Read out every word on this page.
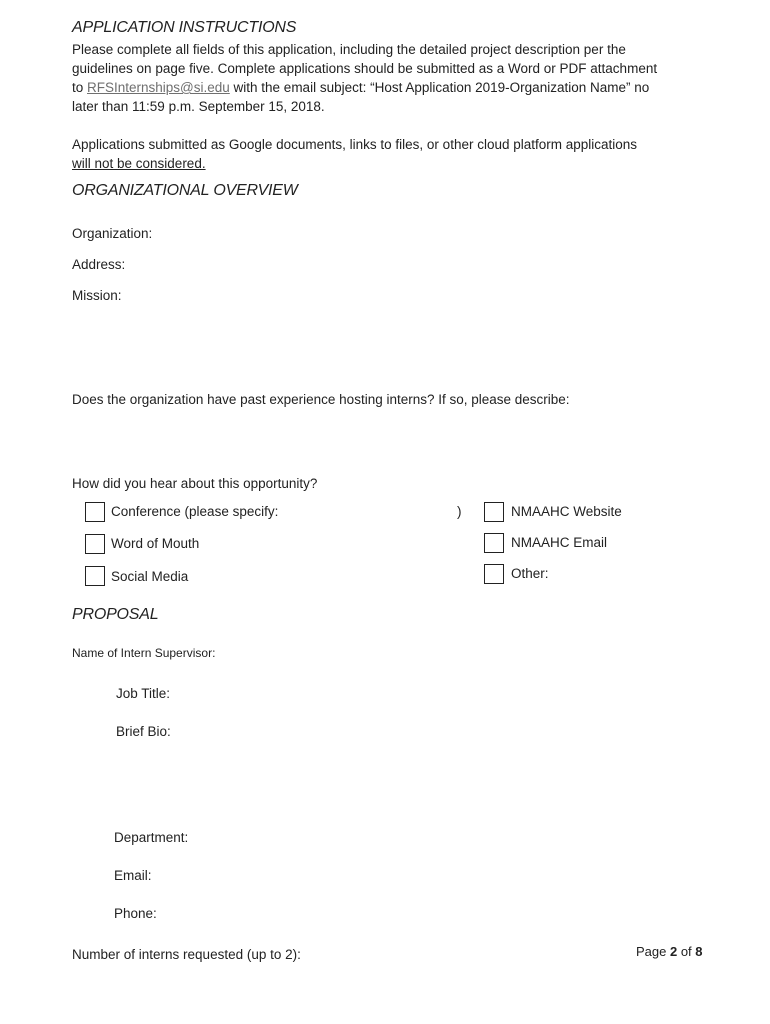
APPLICATION INSTRUCTIONS
Please complete all fields of this application, including the detailed project description per the
guidelines on page five. Complete applications should be submitted as a Word or PDF attachment
to RFSInternships@si.edu with the email subject: “Host Application 2019-Organization Name” no
later than 11:59 p.m. September 15, 2018.
Applications submitted as Google documents, links to files, or other cloud platform applications
will not be considered.
ORGANIZATIONAL OVERVIEW
Organization:
Address:
Mission:
Does the organization have past experience hosting interns? If so, please describe:
How did you hear about this opportunity?
Conference (please specify:	)
Word of Mouth
Social Media
NMAAHC Website
NMAAHC Email
Other:
PROPOSAL
Name of Intern Supervisor:
Job Title:
Brief Bio:
Department:
Email:
Phone:
Number of interns requested (up to 2):	Page 2 of 8
